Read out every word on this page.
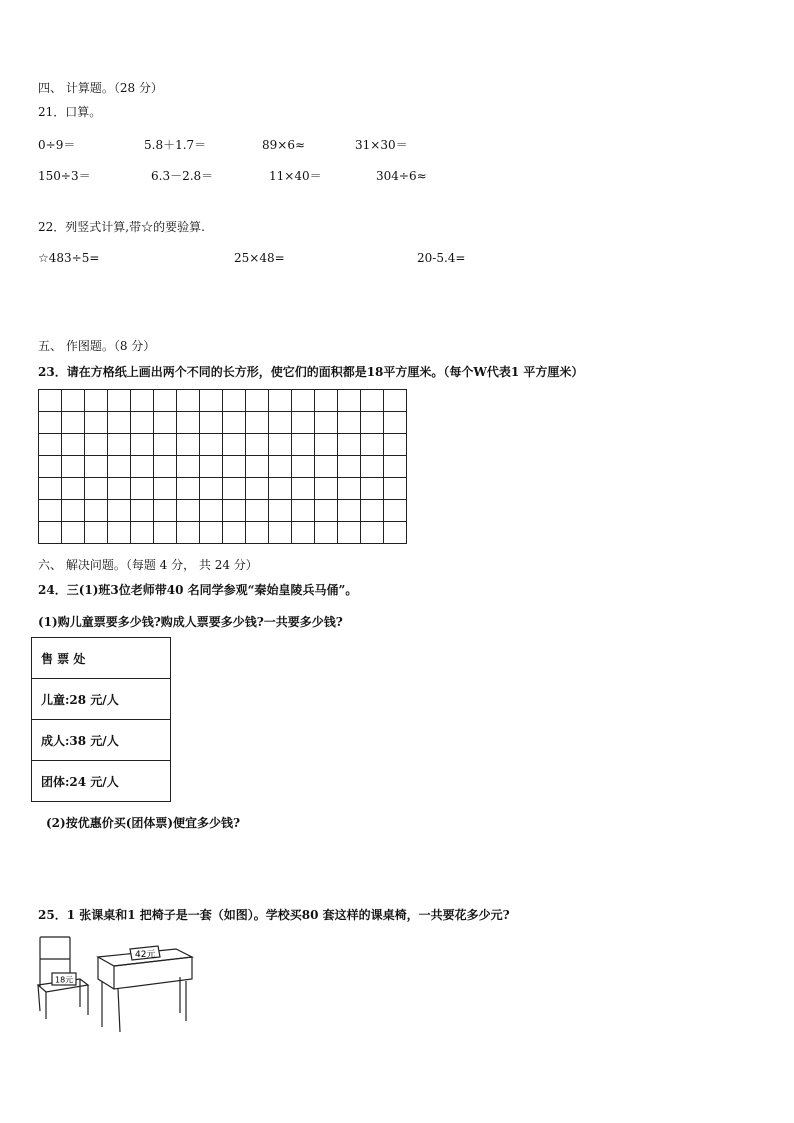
四、 计算题。（28 分）
21．口算。
0÷9＝	5.8＋1.7＝	89×6≈	31×30＝
150÷3＝	6.3－2.8＝	11×40＝	304÷6≈
22．列竖式计算,带☆的要验算.
☆483÷5=	25×48=	20-5.4=
五、 作图题。（8 分）
23．请在方格纸上画出两个不同的长方形，使它们的面积都是18平方厘米。（每个W代表1 平方厘米）

六、 解决问题。（每题 4 分， 共 24 分）
24．三(1)班3位老师带40 名同学参观“秦始皇陵兵马俑”。
(1)购儿童票要多少钱?购成人票要多少钱?一共要多少钱?
售 票 处
儿童:28 元/人
成人:38 元/人
团体:24 元/人
(2)按优惠价买(团体票)便宜多少钱?
25．1 张课桌和1 把椅子是一套（如图）。学校买80 套这样的课桌椅，一共要花多少元?
18元
42元
